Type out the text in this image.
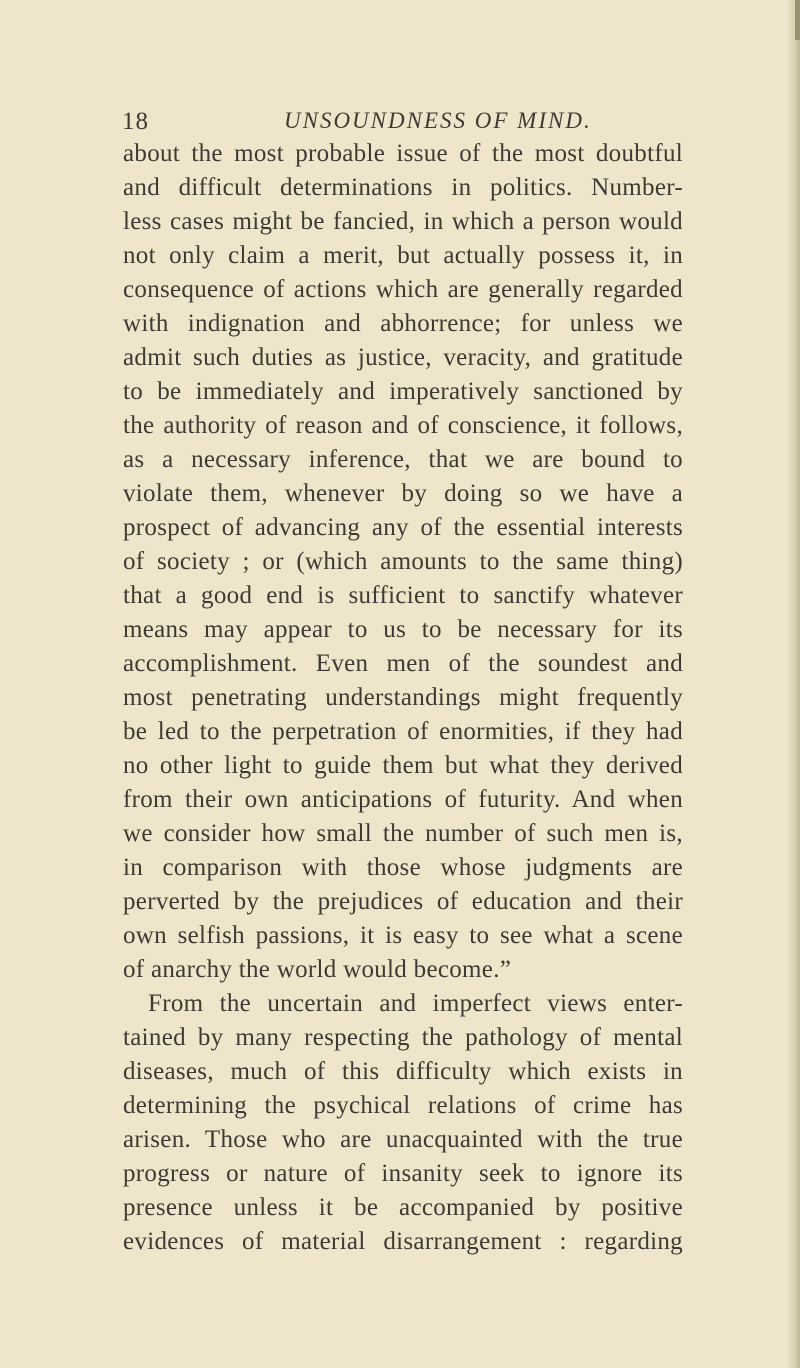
18	UNSOUNDNESS OF MIND.
about the most probable issue of the most doubtful
and difficult determinations in politics. Number-
less cases might be fancied, in which a person would
not only claim a merit, but actually possess it, in
consequence of actions which are generally regarded
with indignation and abhorrence; for unless we
admit such duties as justice, veracity, and gratitude
to be immediately and imperatively sanctioned by
the authority of reason and of conscience, it follows,
as a necessary inference, that we are bound to
violate them, whenever by doing so we have a
prospect of advancing any of the essential interests
of society ; or (which amounts to the same thing)
that a good end is sufficient to sanctify whatever
means may appear to us to be necessary for its
accomplishment. Even men of the soundest and
most penetrating understandings might frequently
be led to the perpetration of enormities, if they had
no other light to guide them but what they derived
from their own anticipations of futurity. And when
we consider how small the number of such men is,
in comparison with those whose judgments are
perverted by the prejudices of education and their
own selfish passions, it is easy to see what a scene
of anarchy the world would become.”
From the uncertain and imperfect views enter-
tained by many respecting the pathology of mental
diseases, much of this difficulty which exists in
determining the psychical relations of crime has
arisen. Those who are unacquainted with the true
progress or nature of insanity seek to ignore its
presence unless it be accompanied by positive
evidences of material disarrangement : regarding
